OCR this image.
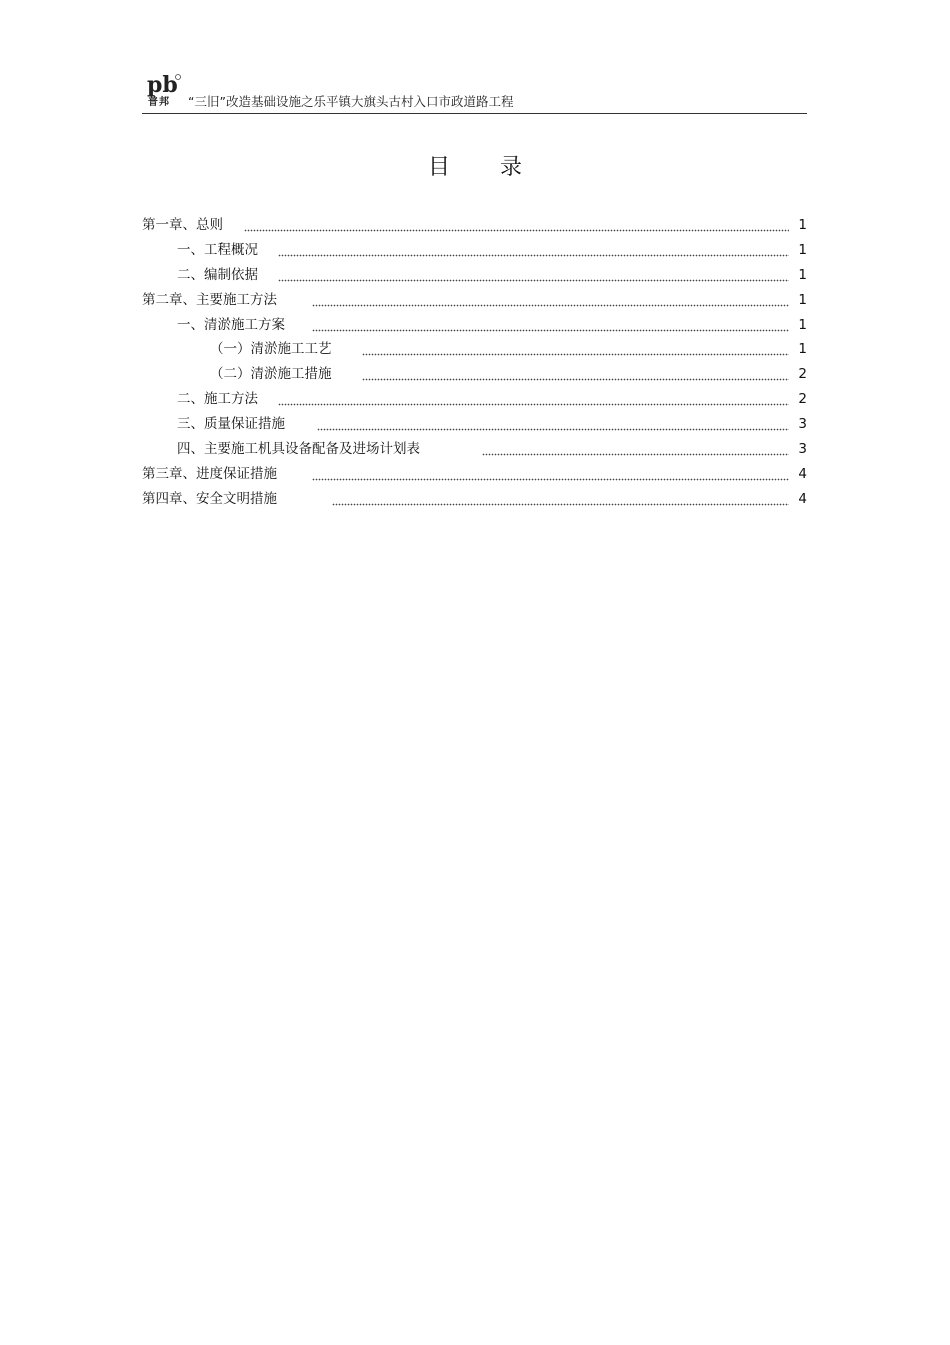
pb
普邦 “三旧”改造基础设施之乐平镇大旗头古村入口市政道路工程
目 录
第一章、总则	1
一、工程概况	1
二、编制依据	1
第二章、主要施工方法	1
一、清淤施工方案	1
（一）清淤施工工艺	1
（二）清淤施工措施	2
二、施工方法	2
三、质量保证措施	3
四、主要施工机具设备配备及进场计划表	3
第三章、进度保证措施	4
第四章、安全文明措施	4
